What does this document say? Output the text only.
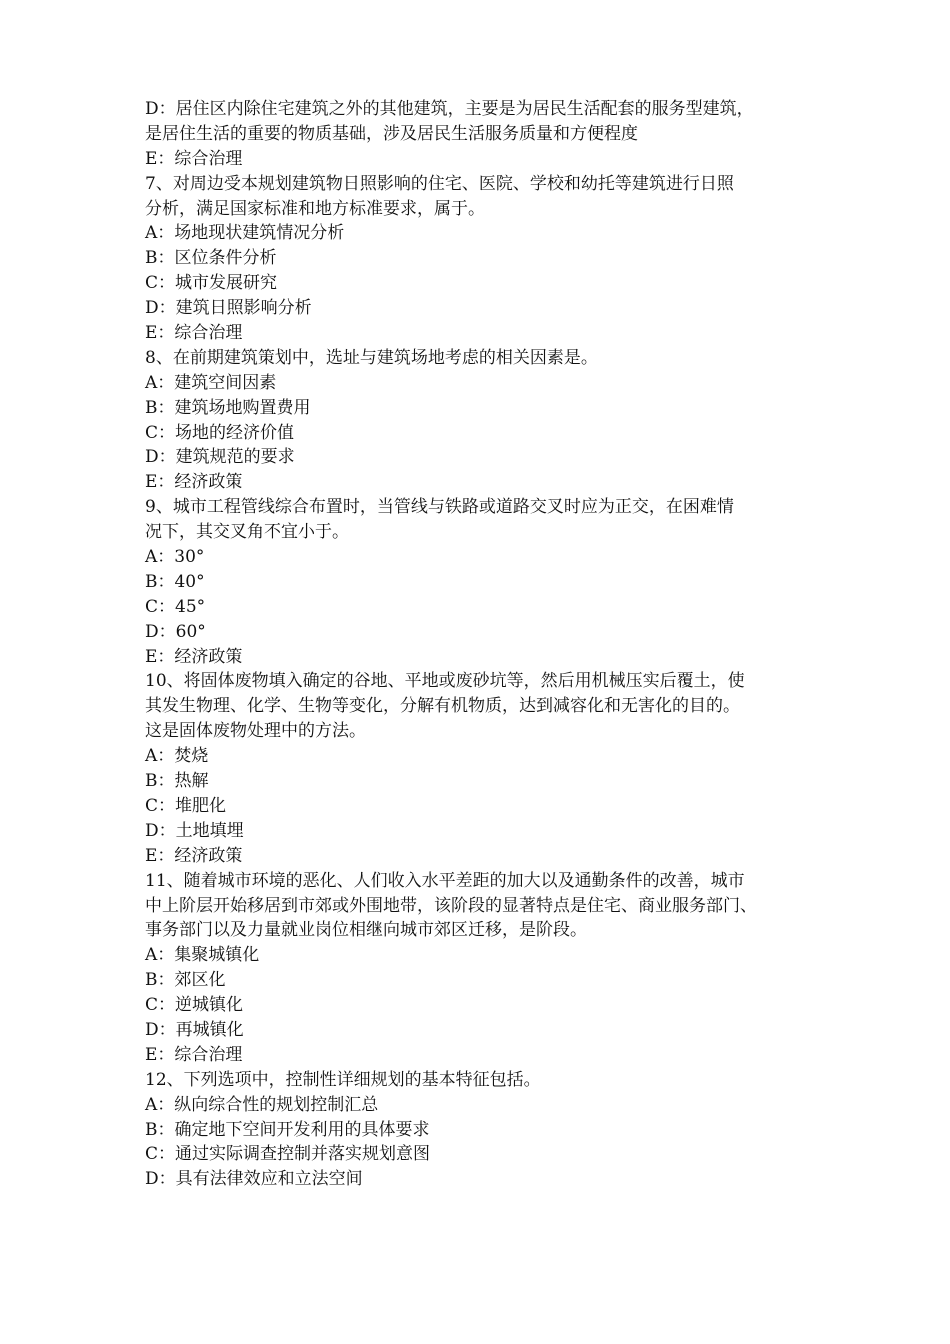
D：居住区内除住宅建筑之外的其他建筑，主要是为居民生活配套的服务型建筑，
是居住生活的重要的物质基础，涉及居民生活服务质量和方便程度
E：综合治理
7、对周边受本规划建筑物日照影响的住宅、医院、学校和幼托等建筑进行日照
分析，满足国家标准和地方标准要求，属于。
A：场地现状建筑情况分析
B：区位条件分析
C：城市发展研究
D：建筑日照影响分析
E：综合治理
8、在前期建筑策划中，选址与建筑场地考虑的相关因素是。
A：建筑空间因素
B：建筑场地购置费用
C：场地的经济价值
D：建筑规范的要求
E：经济政策
9、城市工程管线综合布置时，当管线与铁路或道路交叉时应为正交，在困难情
况下，其交叉角不宜小于。
A：30°
B：40°
C：45°
D：60°
E：经济政策
10、将固体废物填入确定的谷地、平地或废砂坑等，然后用机械压实后覆土，使
其发生物理、化学、生物等变化，分解有机物质，达到减容化和无害化的目的。
这是固体废物处理中的方法。
A：焚烧
B：热解
C：堆肥化
D：土地填埋
E：经济政策
11、随着城市环境的恶化、人们收入水平差距的加大以及通勤条件的改善，城市
中上阶层开始移居到市郊或外围地带，该阶段的显著特点是住宅、商业服务部门、
事务部门以及力量就业岗位相继向城市郊区迁移，是阶段。
A：集聚城镇化
B：郊区化
C：逆城镇化
D：再城镇化
E：综合治理
12、下列选项中，控制性详细规划的基本特征包括。
A：纵向综合性的规划控制汇总
B：确定地下空间开发利用的具体要求
C：通过实际调查控制并落实规划意图
D：具有法律效应和立法空间
